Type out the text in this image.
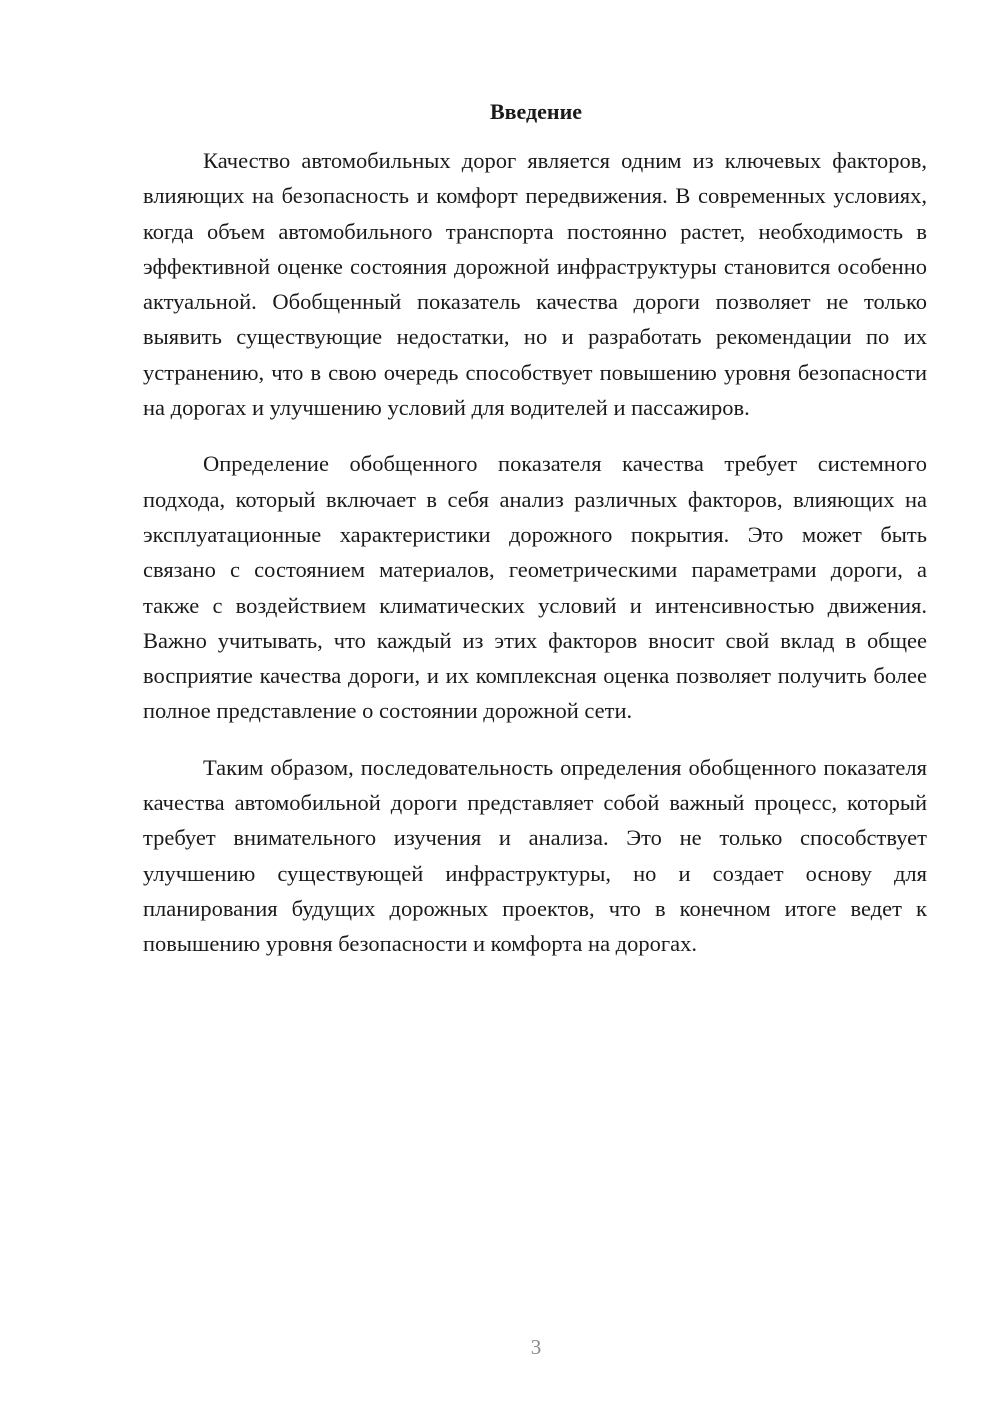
Введение

Качество автомобильных дорог является одним из ключевых факторов, влияющих на безопасность и комфорт передвижения. В современных условиях, когда объем автомобильного транспорта постоянно растет, необходимость в эффективной оценке состояния дорожной инфраструктуры становится особенно актуальной. Обобщенный показатель качества дороги позволяет не только выявить существующие недостатки, но и разработать рекомендации по их устранению, что в свою очередь способствует повышению уровня безопасности на дорогах и улучшению условий для водителей и пассажиров.

Определение обобщенного показателя качества требует системного подхода, который включает в себя анализ различных факторов, влияющих на эксплуатационные характеристики дорожного покрытия. Это может быть связано с состоянием материалов, геометрическими параметрами дороги, а также с воздействием климатических условий и интенсивностью движения. Важно учитывать, что каждый из этих факторов вносит свой вклад в общее восприятие качества дороги, и их комплексная оценка позволяет получить более полное представление о состоянии дорожной сети.

Таким образом, последовательность определения обобщенного показателя качества автомобильной дороги представляет собой важный процесс, который требует внимательного изучения и анализа. Это не только способствует улучшению существующей инфраструктуры, но и создает основу для планирования будущих дорожных проектов, что в конечном итоге ведет к повышению уровня безопасности и комфорта на дорогах.

3
